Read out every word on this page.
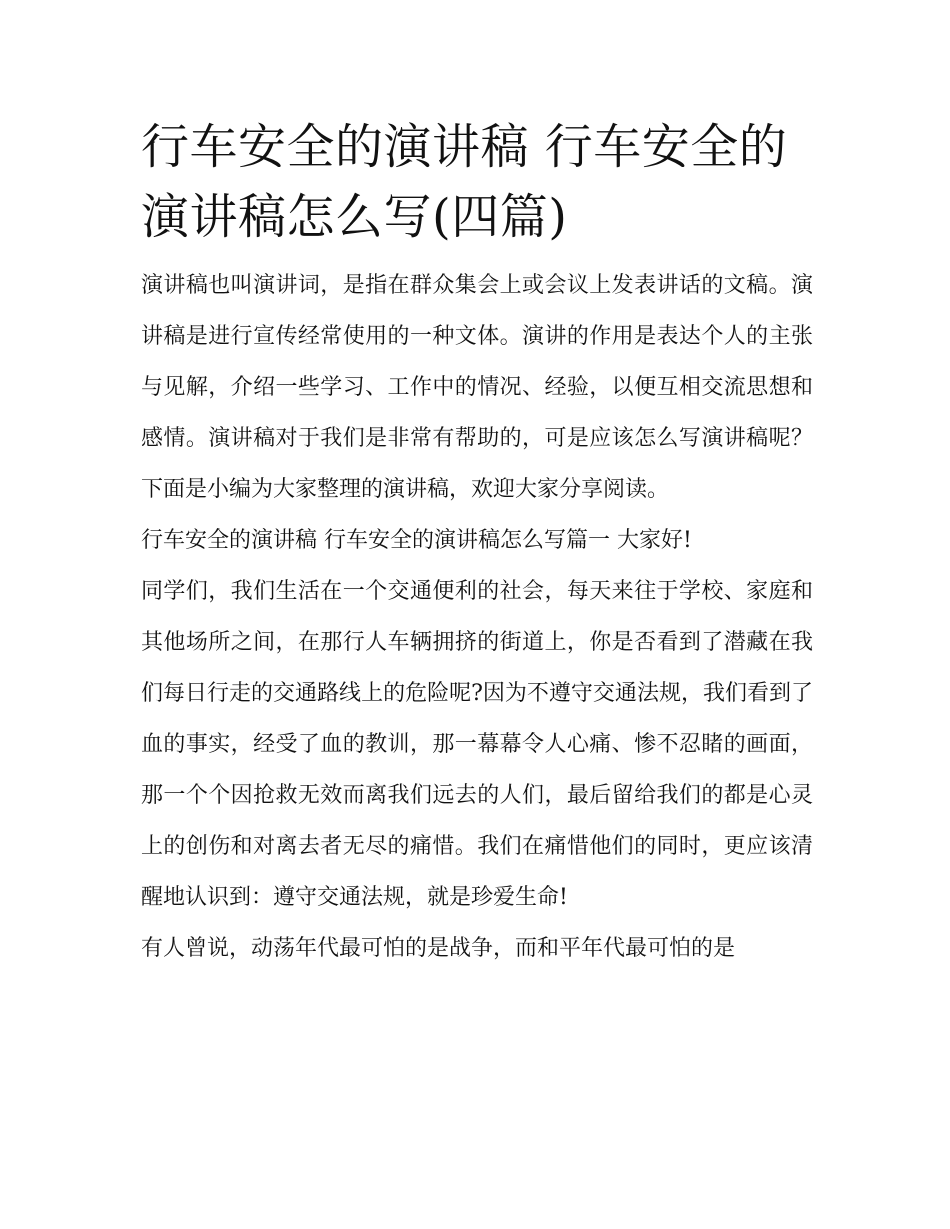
行车安全的演讲稿 行车安全的演讲稿怎么写(四篇)

演讲稿也叫演讲词，是指在群众集会上或会议上发表讲话的文稿。演讲稿是进行宣传经常使用的一种文体。演讲的作用是表达个人的主张与见解，介绍一些学习、工作中的情况、经验，以便互相交流思想和感情。演讲稿对于我们是非常有帮助的，可是应该怎么写演讲稿呢？下面是小编为大家整理的演讲稿，欢迎大家分享阅读。

行车安全的演讲稿 行车安全的演讲稿怎么写篇一 大家好!

同学们，我们生活在一个交通便利的社会，每天来往于学校、家庭和其他场所之间，在那行人车辆拥挤的街道上，你是否看到了潜藏在我们每日行走的交通路线上的危险呢?因为不遵守交通法规，我们看到了血的事实，经受了血的教训，那一幕幕令人心痛、惨不忍睹的画面，那一个个因抢救无效而离我们远去的人们，最后留给我们的都是心灵上的创伤和对离去者无尽的痛惜。我们在痛惜他们的同时，更应该清醒地认识到：遵守交通法规，就是珍爱生命!

有人曾说，动荡年代最可怕的是战争，而和平年代最可怕的是
